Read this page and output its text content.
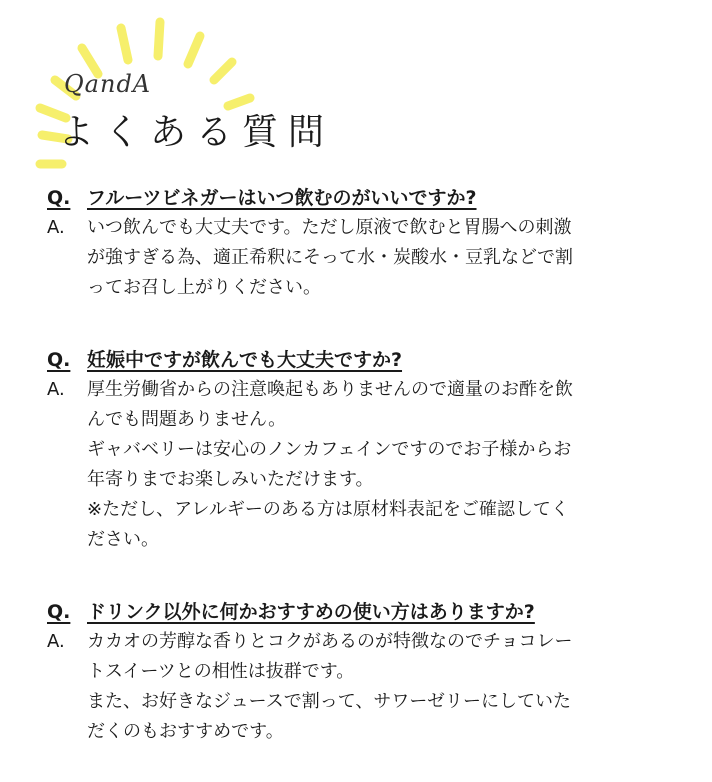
QandA
よくある質問
Q. フルーツビネガーはいつ飲むのがいいですか?
A.	いつ飲んでも大丈夫です。ただし原液で飲むと胃腸への刺激
が強すぎる為、適正希釈にそって水・炭酸水・豆乳などで割
ってお召し上がりください。
Q. 妊娠中ですが飲んでも大丈夫ですか?
A.	厚生労働省からの注意喚起もありませんので適量のお酢を飲
んでも問題ありません。
ギャバベリーは安心のノンカフェインですのでお子様からお
年寄りまでお楽しみいただけます。
※ただし、アレルギーのある方は原材料表記をご確認してく
ださい。
Q. ドリンク以外に何かおすすめの使い方はありますか?
A.	カカオの芳醇な香りとコクがあるのが特徴なのでチョコレー
トスイーツとの相性は抜群です。
また、お好きなジュースで割って、サワーゼリーにしていた
だくのもおすすめです。
